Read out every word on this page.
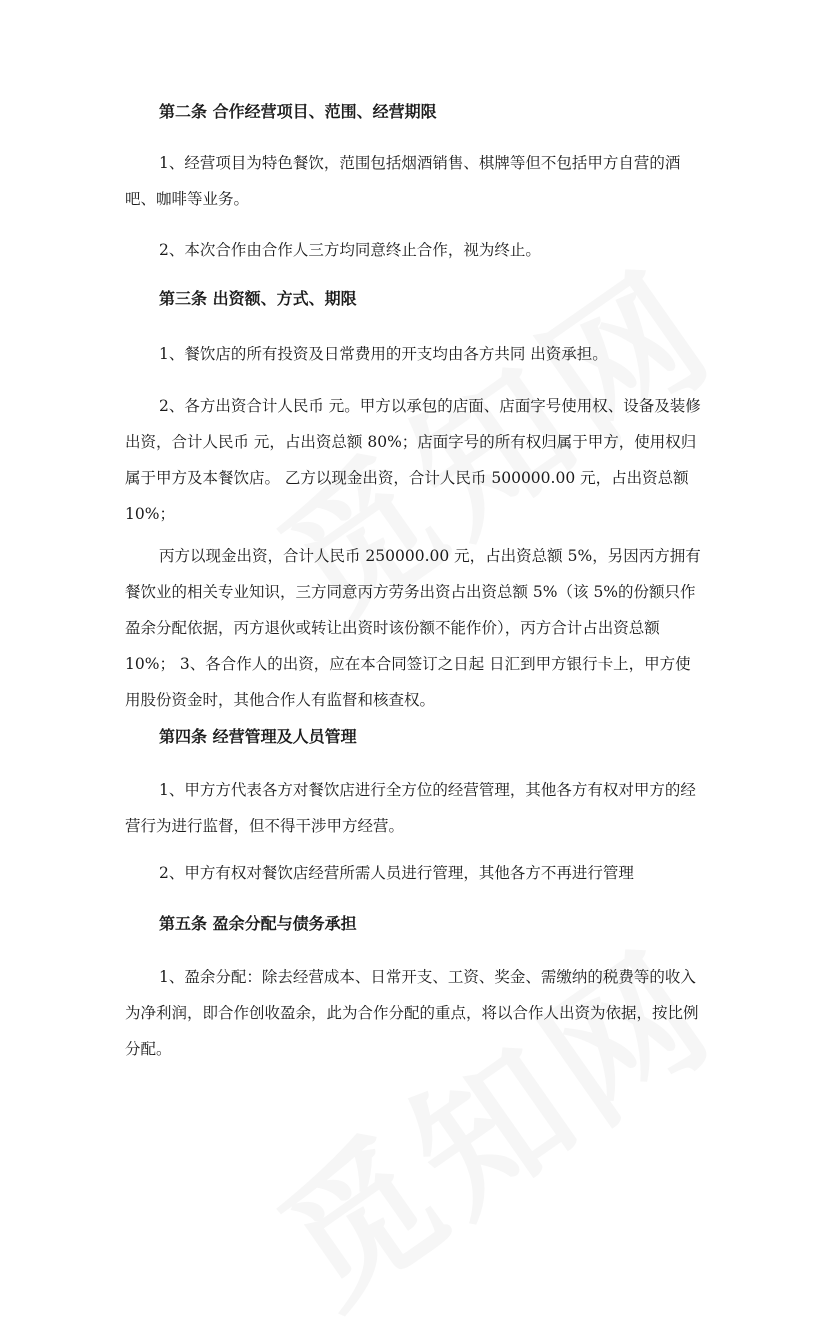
第二条 合作经营项目、范围、经营期限

1、经营项目为特色餐饮，范围包括烟酒销售、棋牌等但不包括甲方自营的酒吧、咖啡等业务。

2、本次合作由合作人三方均同意终止合作，视为终止。

第三条 出资额、方式、期限

1、餐饮店的所有投资及日常费用的开支均由各方共同 出资承担。

2、各方出资合计人民币 元。甲方以承包的店面、店面字号使用权、设备及装修出资，合计人民币 元，占出资总额 80%；店面字号的所有权归属于甲方，使用权归属于甲方及本餐饮店。 乙方以现金出资，合计人民币 500000.00 元，占出资总额 10%；

丙方以现金出资，合计人民币 250000.00 元，占出资总额 5%，另因丙方拥有餐饮业的相关专业知识，三方同意丙方劳务出资占出资总额 5%（该 5%的份额只作盈余分配依据，丙方退伙或转让出资时该份额不能作价），丙方合计占出资总额 10%； 3、各合作人的出资，应在本合同签订之日起 日汇到甲方银行卡上，甲方使用股份资金时，其他合作人有监督和核查权。

第四条 经营管理及人员管理

1、甲方方代表各方对餐饮店进行全方位的经营管理，其他各方有权对甲方的经营行为进行监督，但不得干涉甲方经营。

2、甲方有权对餐饮店经营所需人员进行管理，其他各方不再进行管理

第五条 盈余分配与债务承担

1、盈余分配：除去经营成本、日常开支、工资、奖金、需缴纳的税费等的收入为净利润，即合作创收盈余，此为合作分配的重点，将以合作人出资为依据，按比例分配。
